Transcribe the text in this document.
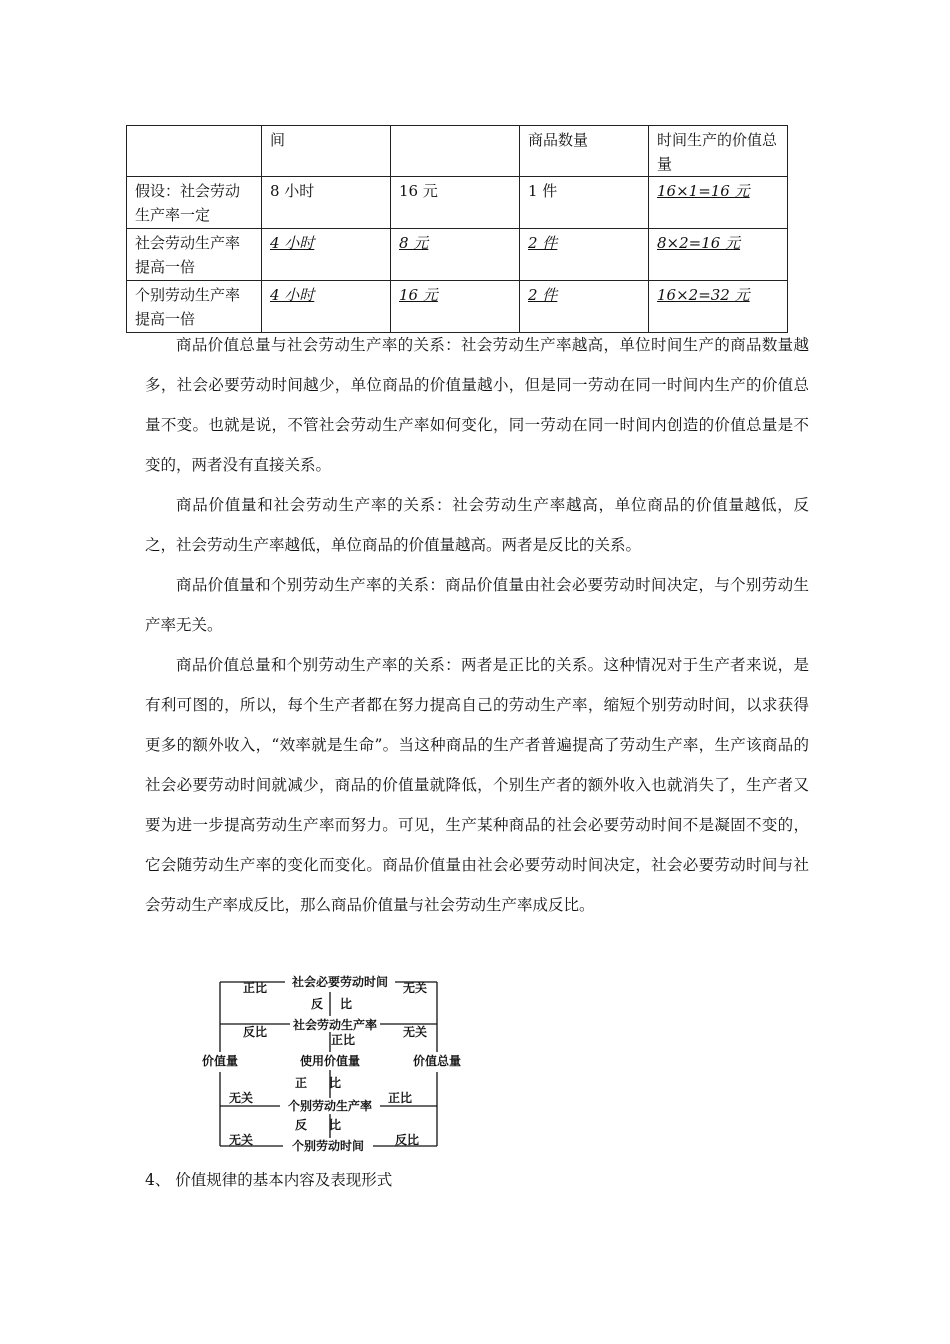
	间		商品数量	时间生产的价值总量
假设：社会劳动生产率一定	8 小时	16 元	1 件	16×1=16 元
社会劳动生产率提高一倍	4 小时	8 元	2 件	8×2=16 元
个别劳动生产率提高一倍	4 小时	16 元	2 件	16×2=32 元

商品价值总量与社会劳动生产率的关系：社会劳动生产率越高，单位时间生产的商品数量越多，社会必要劳动时间越少，单位商品的价值量越小，但是同一劳动在同一时间内生产的价值总量不变。也就是说，不管社会劳动生产率如何变化，同一劳动在同一时间内创造的价值总量是不变的，两者没有直接关系。

商品价值量和社会劳动生产率的关系：社会劳动生产率越高，单位商品的价值量越低，反之，社会劳动生产率越低，单位商品的价值量越高。两者是反比的关系。

商品价值量和个别劳动生产率的关系：商品价值量由社会必要劳动时间决定，与个别劳动生产率无关。

商品价值总量和个别劳动生产率的关系：两者是正比的关系。这种情况对于生产者来说，是有利可图的，所以，每个生产者都在努力提高自己的劳动生产率，缩短个别劳动时间，以求获得更多的额外收入，“效率就是生命”。当这种商品的生产者普遍提高了劳动生产率，生产该商品的社会必要劳动时间就减少，商品的价值量就降低，个别生产者的额外收入也就消失了，生产者又要为进一步提高劳动生产率而努力。可见，生产某种商品的社会必要劳动时间不是凝固不变的，它会随劳动生产率的变化而变化。商品价值量由社会必要劳动时间决定，社会必要劳动时间与社会劳动生产率成反比，那么商品价值量与社会劳动生产率成反比。

社会必要劳动时间
正比	无关
反 比
社会劳动生产率
反比	无关
正比
价值量	使用价值量	价值总量
正 比
个别劳动生产率
无关	正比
反 比
个别劳动时间
无关	反比

4、 价值规律的基本内容及表现形式
